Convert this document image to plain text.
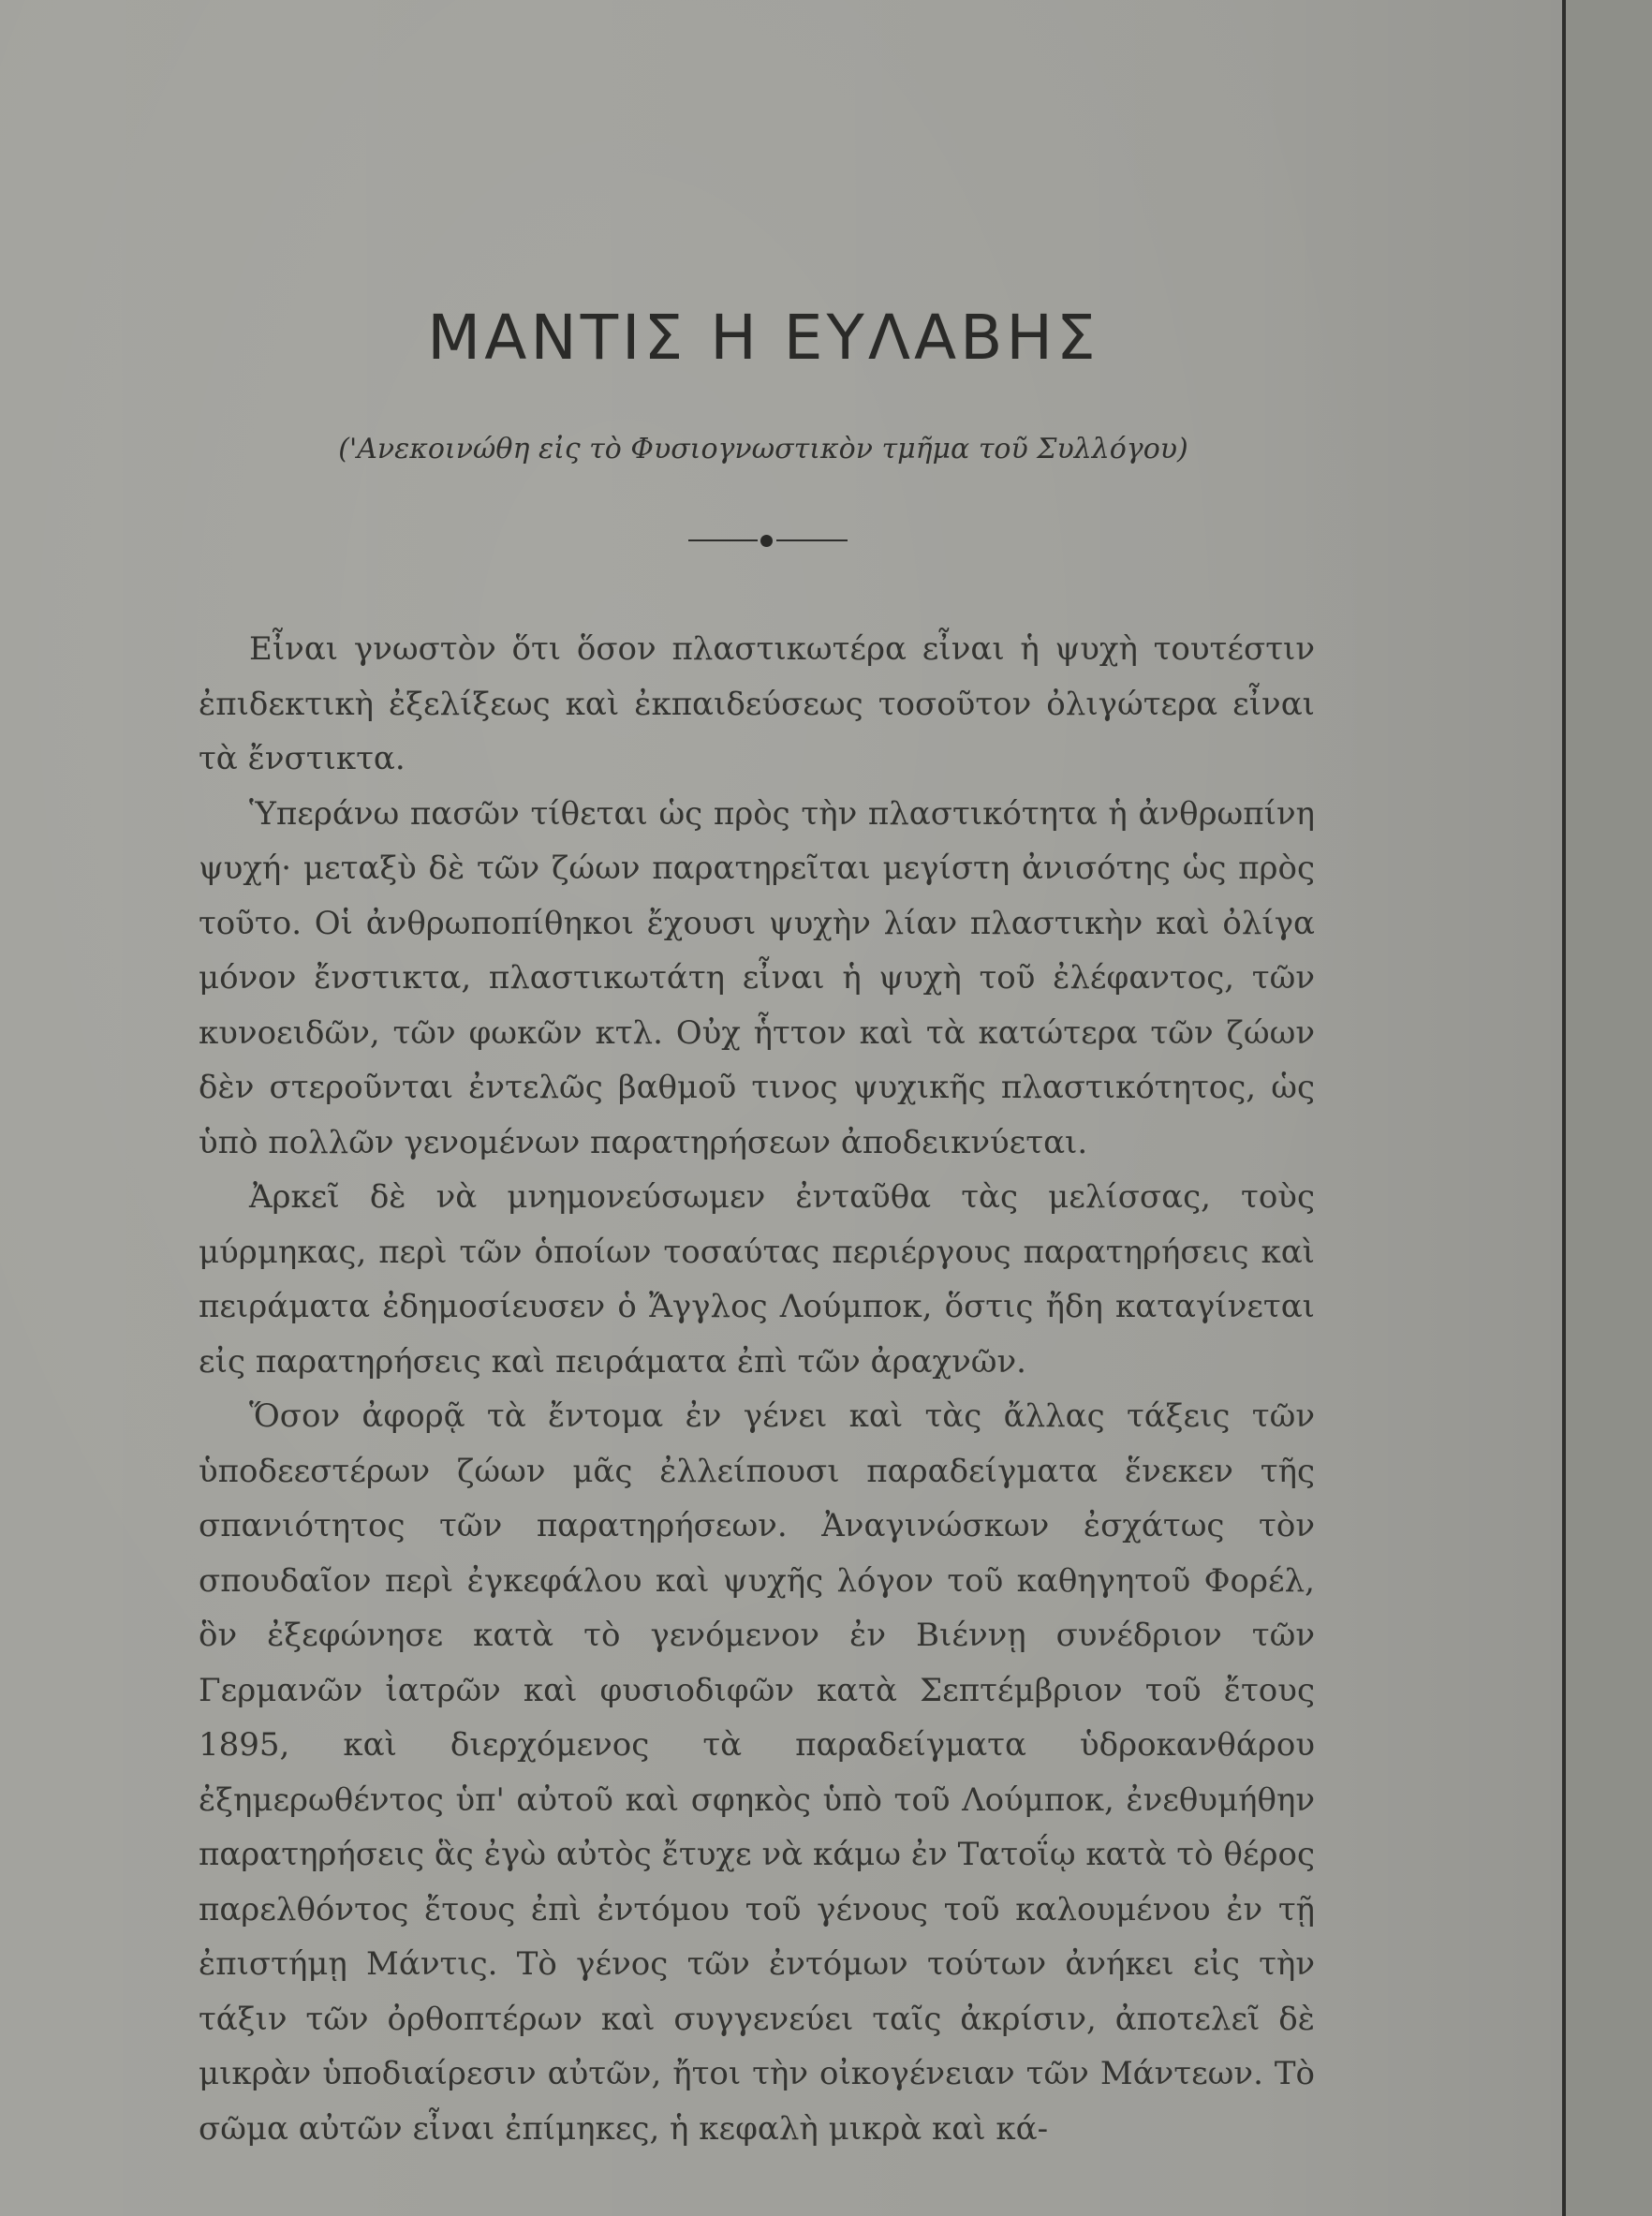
ΜΑΝΤΙΣ Η ΕΥΛΑΒΗΣ
('Ανεκοινώθη εἰς τὸ Φυσιογνωστικὸν τμῆμα τοῦ Συλλόγου)

Εἶναι γνωστὸν ὅτι ὅσον πλαστικωτέρα εἶναι ἡ ψυχὴ τουτέστιν ἐπιδεκτικὴ ἐξελίξεως καὶ ἐκπαιδεύσεως τοσοῦτον ὀλιγώτερα εἶναι τὰ ἔνστικτα.

Ὑπεράνω πασῶν τίθεται ὡς πρὸς τὴν πλαστικότητα ἡ ἀνθρωπίνη ψυχή· μεταξὺ δὲ τῶν ζώων παρατηρεῖται μεγίστη ἀνισότης ὡς πρὸς τοῦτο. Οἱ ἀνθρωποπίθηκοι ἔχουσι ψυχὴν λίαν πλαστικὴν καὶ ὀλίγα μόνον ἔνστικτα, πλαστικωτάτη εἶναι ἡ ψυχὴ τοῦ ἐλέφαντος, τῶν κυνοειδῶν, τῶν φωκῶν κτλ. Οὐχ ἧττον καὶ τὰ κατώτερα τῶν ζώων δὲν στεροῦνται ἐντελῶς βαθμοῦ τινος ψυχικῆς πλαστικότητος, ὡς ὑπὸ πολλῶν γενομένων παρατηρήσεων ἀποδεικνύεται.

Ἀρκεῖ δὲ νὰ μνημονεύσωμεν ἐνταῦθα τὰς μελίσσας, τοὺς μύρμηκας, περὶ τῶν ὁποίων τοσαύτας περιέργους παρατηρήσεις καὶ πειράματα ἐδημοσίευσεν ὁ Ἄγγλος Λούμποκ, ὅστις ἤδη καταγίνεται εἰς παρατηρήσεις καὶ πειράματα ἐπὶ τῶν ἀραχνῶν.

Ὅσον ἀφορᾷ τὰ ἔντομα ἐν γένει καὶ τὰς ἄλλας τάξεις τῶν ὑποδεεστέρων ζώων μᾶς ἐλλείπουσι παραδείγματα ἕνεκεν τῆς σπανιότητος τῶν παρατηρήσεων. Ἀναγινώσκων ἐσχάτως τὸν σπουδαῖον περὶ ἐγκεφάλου καὶ ψυχῆς λόγον τοῦ καθηγητοῦ Φορέλ, ὃν ἐξεφώνησε κατὰ τὸ γενόμενον ἐν Βιέννῃ συνέδριον τῶν Γερμανῶν ἰατρῶν καὶ φυσιοδιφῶν κατὰ Σεπτέμβριον τοῦ ἔτους 1895, καὶ διερχόμενος τὰ παραδείγματα ὑδροκανθάρου ἐξημερωθέντος ὑπ' αὐτοῦ καὶ σφηκὸς ὑπὸ τοῦ Λούμποκ, ἐνεθυμήθην παρατηρήσεις ἃς ἐγὼ αὐτὸς ἔτυχε νὰ κάμω ἐν Τατοΐῳ κατὰ τὸ θέρος παρελθόντος ἔτους ἐπὶ ἐντόμου τοῦ γένους τοῦ καλουμένου ἐν τῇ ἐπιστήμῃ Μάντις. Τὸ γένος τῶν ἐντόμων τούτων ἀνήκει εἰς τὴν τάξιν τῶν ὀρθοπτέρων καὶ συγγενεύει ταῖς ἀκρίσιν, ἀποτελεῖ δὲ μικρὰν ὑποδιαίρεσιν αὐτῶν, ἤτοι τὴν οἰκογένειαν τῶν Μάντεων. Τὸ σῶμα αὐτῶν εἶναι ἐπίμηκες, ἡ κεφαλὴ μικρὰ καὶ κά-
